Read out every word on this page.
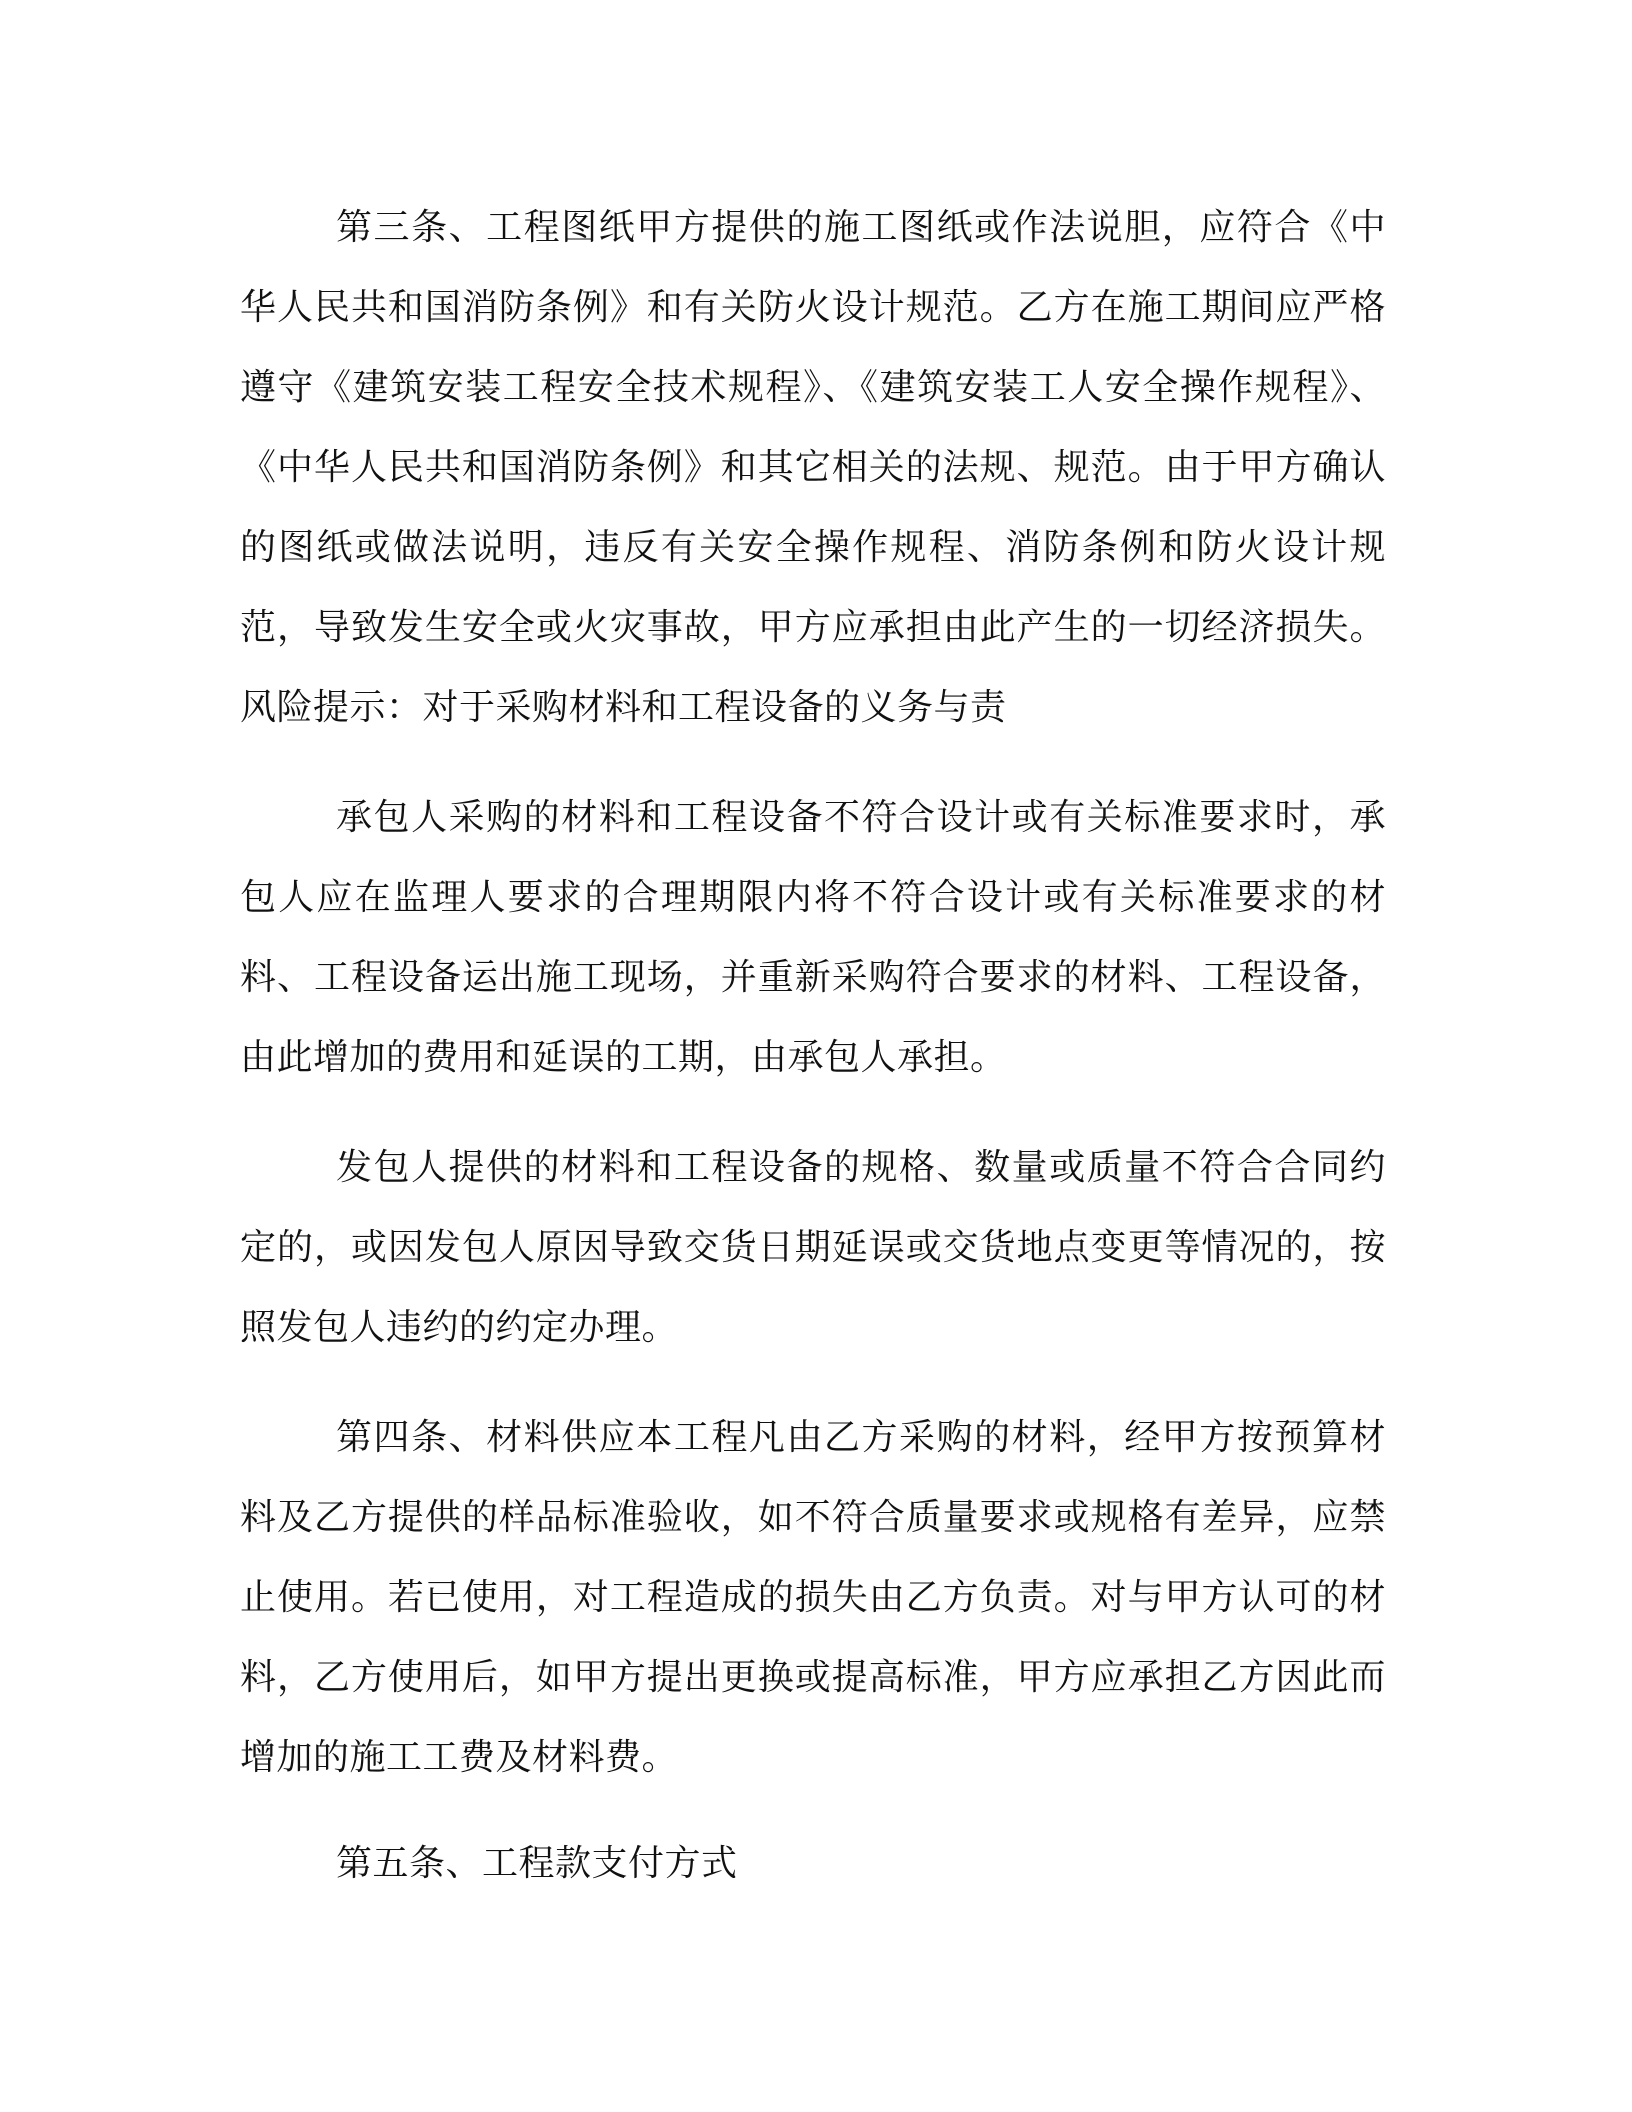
第三条、工程图纸甲方提供的施工图纸或作法说胆，应符合《中华人民共和国消防条例》和有关防火设计规范。乙方在施工期间应严格遵守《建筑安装工程安全技术规程》、《建筑安装工人安全操作规程》、《中华人民共和国消防条例》和其它相关的法规、规范。由于甲方确认的图纸或做法说明，违反有关安全操作规程、消防条例和防火设计规范，导致发生安全或火灾事故，甲方应承担由此产生的一切经济损失。风险提示：对于采购材料和工程设备的义务与责

承包人采购的材料和工程设备不符合设计或有关标准要求时，承包人应在监理人要求的合理期限内将不符合设计或有关标准要求的材料、工程设备运出施工现场，并重新采购符合要求的材料、工程设备，由此增加的费用和延误的工期，由承包人承担。

发包人提供的材料和工程设备的规格、数量或质量不符合合同约定的，或因发包人原因导致交货日期延误或交货地点变更等情况的，按照发包人违约的约定办理。

第四条、材料供应本工程凡由乙方采购的材料，经甲方按预算材料及乙方提供的样品标准验收，如不符合质量要求或规格有差异，应禁止使用。若已使用，对工程造成的损失由乙方负责。对与甲方认可的材料，乙方使用后，如甲方提出更换或提高标准，甲方应承担乙方因此而增加的施工工费及材料费。

第五条、工程款支付方式
